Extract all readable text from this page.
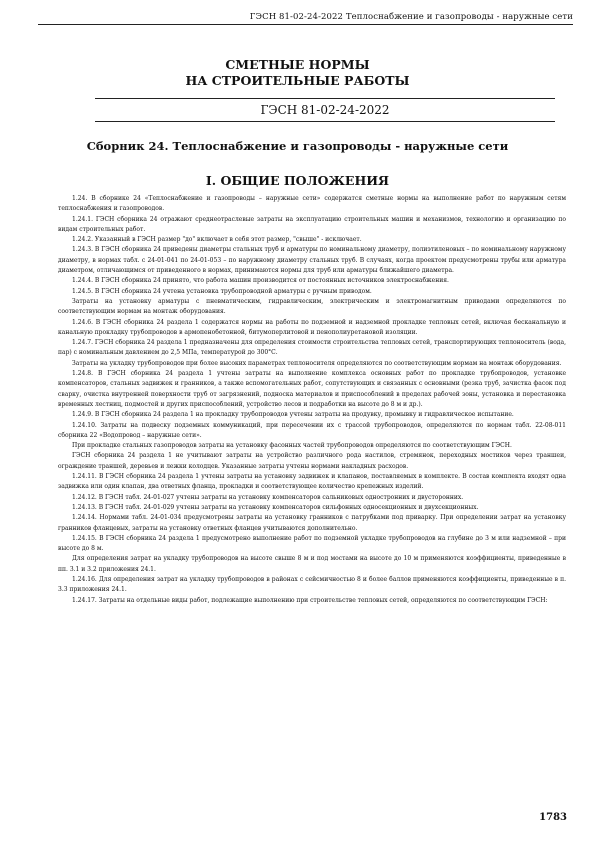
ГЭСН 81-02-24-2022 Теплоснабжение и газопроводы - наружные сети
СМЕТНЫЕ НОРМЫ
НА СТРОИТЕЛЬНЫЕ РАБОТЫ
ГЭСН 81-02-24-2022
Сборник 24. Теплоснабжение и газопроводы - наружные сети
I. ОБЩИЕ ПОЛОЖЕНИЯ

1.24. В сборнике 24 «Теплоснабжение и газопроводы – наружные сети» содержатся сметные нормы на выполнение работ по наружным сетям теплоснабжения и газопроводов.

1.24.1. ГЭСН сборника 24 отражают среднеотраслевые затраты на эксплуатацию строительных машин и механизмов, технологию и организацию по видам строительных работ.

1.24.2. Указанный в ГЭСН размер "до" включает в себя этот размер, "свыше" - исключает.

1.24.3. В ГЭСН сборника 24 приведены диаметры стальных труб и арматуры по номинальному диаметру, полиэтиленовых – по номинальному наружному диаметру, в нормах табл. с 24-01-041 по 24-01-053 – по наружному диаметру стальных труб. В случаях, когда проектом предусмотрены трубы или арматура диаметром, отличающимся от приведенного в нормах, принимаются нормы для труб или арматуры ближайшего диаметра.

1.24.4. В ГЭСН сборника 24 принято, что работа машин производится от постоянных источников электроснабжения.

1.24.5. В ГЭСН сборника 24 учтена установка трубопроводной арматуры с ручным приводом.

Затраты на установку арматуры с пневматическим, гидравлическим, электрическим и электромагнитным приводами определяются по соответствующим нормам на монтаж оборудования.

1.24.6. В ГЭСН сборника 24 раздела 1 содержатся нормы на работы по подземной и надземной прокладке тепловых сетей, включая бесканальную и канальную прокладку трубопроводов в армопенобетонной, битумоперлитовой и пенополиуретановой изоляции.

1.24.7. ГЭСН сборника 24 раздела 1 предназначены для определения стоимости строительства тепловых сетей, транспортирующих теплоноситель (вода, пар) с номинальным давлением до 2,5 МПа, температурой до 300°С.

Затраты на укладку трубопроводов при более высоких параметрах теплоносителя определяются по соответствующим нормам на монтаж оборудования.

1.24.8. В ГЭСН сборника 24 раздела 1 учтены затраты на выполнение комплекса основных работ по прокладке трубопроводов, установке компенсаторов, стальных задвижек и гранников, а также вспомогательных работ, сопутствующих и связанных с основными (резка труб, зачистка фасок под сварку, очистка внутренней поверхности труб от загрязнений, подноска материалов и приспособлений в пределах рабочей зоны, установка и перестановка временных лестниц, подмостей и других приспособлений, устройство лесов и подработки на высоте до 8 м и др.).

1.24.9. В ГЭСН сборника 24 раздела 1 на прокладку трубопроводов учтены затраты на продувку, промывку и гидравлическое испытание.

1.24.10. Затраты на подвеску подземных коммуникаций, при пересечении их с трассой трубопроводов, определяются по нормам табл. 22-08-011 сборника 22 «Водопровод – наружные сети».

При прокладке стальных газопроводов затраты на установку фасонных частей трубопроводов определяются по соответствующим ГЭСН.

ГЭСН сборника 24 раздела 1 не учитывают затраты на устройство различного рода настилов, стремянок, переходных мостиков через траншеи, ограждение траншей, деревьев и лежки колодцев. Указанные затраты учтены нормами накладных расходов.

1.24.11. В ГЭСН сборника 24 раздела 1 учтены затраты на установку задвижек и клапанов, поставляемых в комплекте. В состав комплекта входят одна задвижка или один клапан, два ответных фланца, прокладки и соответствующее количество крепежных изделий.

1.24.12. В ГЭСН табл. 24-01-027 учтены затраты на установку компенсаторов сальниковых одностронних и двусторонних.

1.24.13. В ГЭСН табл. 24-01-029 учтены затраты на установку компенсаторов сильфонных односекционных и двухсекционных.

1.24.14. Нормами табл. 24-01-034 предусмотрены затраты на установку гранников с патрубками под приварку. При определении затрат на установку гранников фланцевых, затраты на установку ответных фланцев учитываются дополнительно.

1.24.15. В ГЭСН сборника 24 раздела 1 предусмотрено выполнение работ по подземной укладке трубопроводов на глубине до 3 м или надземной – при высоте до 8 м.

Для определения затрат на укладку трубопроводов на высоте свыше 8 м и под мостами на высоте до 10 м применяются коэффициенты, приведенные в пп. 3.1 и 3.2 приложения 24.1.

1.24.16. Для определения затрат на укладку трубопроводов в районах с сейсмичностью 8 и более баллов применяются коэффициенты, приведенные в п. 3.3 приложения 24.1.

1.24.17. Затраты на отдельные виды работ, подлежащие выполнению при строительстве тепловых сетей, определяются по соответствующим ГЭСН:

1783
